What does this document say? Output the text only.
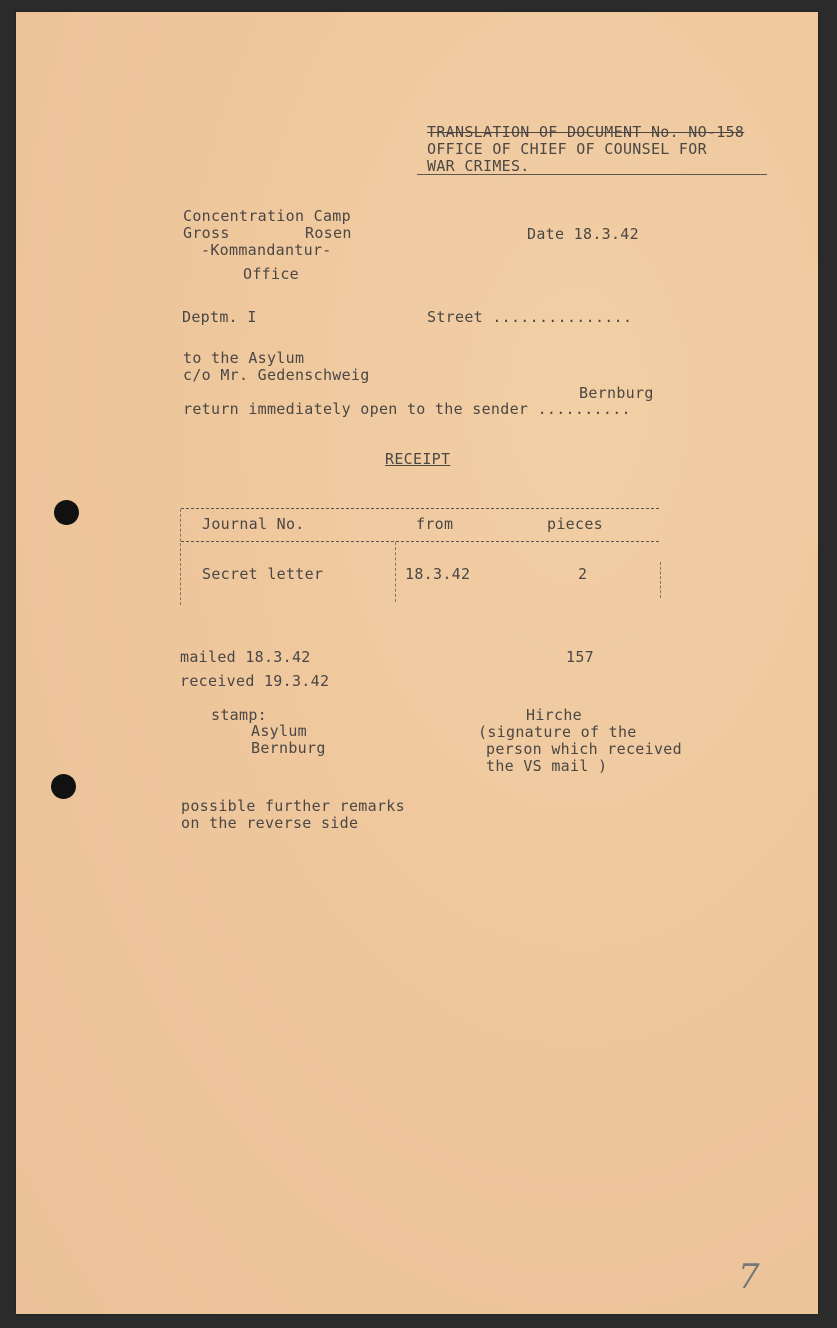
TRANSLATION OF DOCUMENT No. NO-158
OFFICE OF CHIEF OF COUNSEL FOR
WAR CRIMES.
Concentration Camp
Gross	Rosen
-Kommandantur-
Office
Date 18.3.42
Deptm. I	Street ...............
to the Asylum
c/o Mr. Gedenschweig
Bernburg
return immediately open to the sender ..........
RECEIPT
Journal No.	from	pieces
Secret letter	18.3.42	2
mailed 18.3.42	157
received 19.3.42
stamp:
Asylum
Bernburg
Hirche
(signature of the
person which received
the VS mail )
possible further remarks
on the reverse side
7
